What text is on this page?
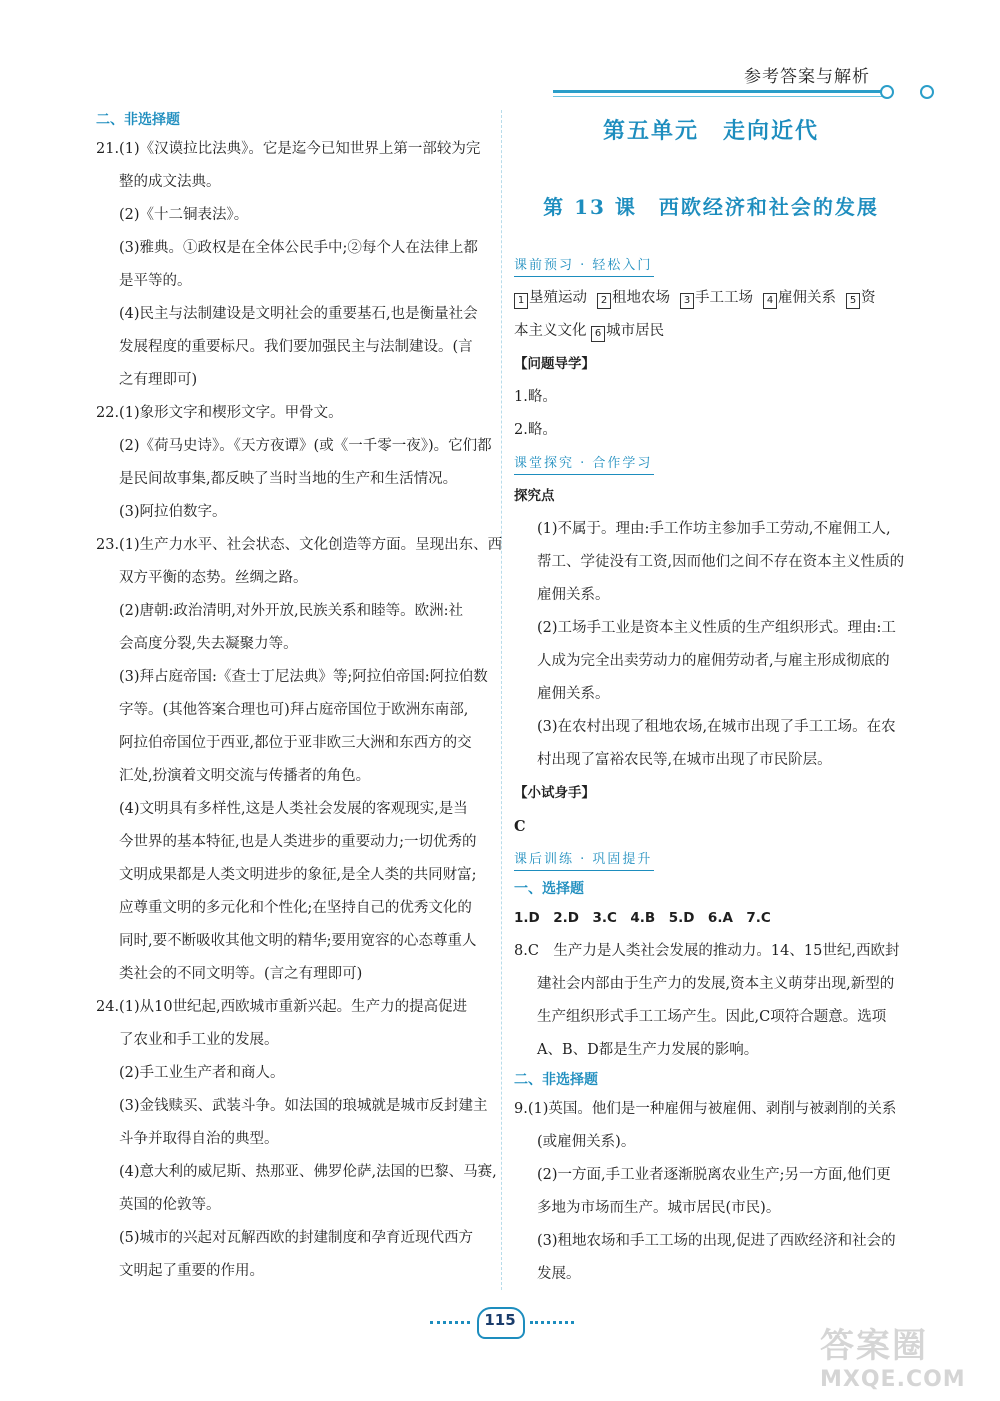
参考答案与解析
二、非选择题
21.(1)《汉谟拉比法典》。它是迄今已知世界上第一部较为完
整的成文法典。
(2)《十二铜表法》。
(3)雅典。①政权是在全体公民手中;②每个人在法律上都
是平等的。
(4)民主与法制建设是文明社会的重要基石,也是衡量社会
发展程度的重要标尺。我们要加强民主与法制建设。(言
之有理即可)
22.(1)象形文字和楔形文字。甲骨文。
(2)《荷马史诗》。《天方夜谭》(或《一千零一夜》)。它们都
是民间故事集,都反映了当时当地的生产和生活情况。
(3)阿拉伯数字。
23.(1)生产力水平、社会状态、文化创造等方面。呈现出东、西
双方平衡的态势。丝绸之路。
(2)唐朝:政治清明,对外开放,民族关系和睦等。欧洲:社
会高度分裂,失去凝聚力等。
(3)拜占庭帝国:《查士丁尼法典》等;阿拉伯帝国:阿拉伯数
字等。(其他答案合理也可)拜占庭帝国位于欧洲东南部,
阿拉伯帝国位于西亚,都位于亚非欧三大洲和东西方的交
汇处,扮演着文明交流与传播者的角色。
(4)文明具有多样性,这是人类社会发展的客观现实,是当
今世界的基本特征,也是人类进步的重要动力;一切优秀的
文明成果都是人类文明进步的象征,是全人类的共同财富;
应尊重文明的多元化和个性化;在坚持自己的优秀文化的
同时,要不断吸收其他文明的精华;要用宽容的心态尊重人
类社会的不同文明等。(言之有理即可)
24.(1)从10世纪起,西欧城市重新兴起。生产力的提高促进
了农业和手工业的发展。
(2)手工业生产者和商人。
(3)金钱赎买、武装斗争。如法国的琅城就是城市反封建主
斗争并取得自治的典型。
(4)意大利的威尼斯、热那亚、佛罗伦萨,法国的巴黎、马赛,
英国的伦敦等。
(5)城市的兴起对瓦解西欧的封建制度和孕育近现代西方
文明起了重要的作用。
第五单元　走向近代
第 13 课　西欧经济和社会的发展
课前预习 · 轻松入门
1 垦殖运动 2 租地农场 3 手工工场 4 雇佣关系 5 资
本主义文化 6 城市居民
【问题导学】
1.略。
2.略。
课堂探究 · 合作学习
探究点
(1)不属于。理由:手工作坊主参加手工劳动,不雇佣工人,
帮工、学徒没有工资,因而他们之间不存在资本主义性质的
雇佣关系。
(2)工场手工业是资本主义性质的生产组织形式。理由:工
人成为完全出卖劳动力的雇佣劳动者,与雇主形成彻底的
雇佣关系。
(3)在农村出现了租地农场,在城市出现了手工工场。在农
村出现了富裕农民等,在城市出现了市民阶层。
【小试身手】
C
课后训练 · 巩固提升
一、选择题
1.D　2.D　3.C　4.B　5.D　6.A　7.C
8.C　生产力是人类社会发展的推动力。14、15世纪,西欧封
建社会内部由于生产力的发展,资本主义萌芽出现,新型的
生产组织形式手工工场产生。因此,C项符合题意。选项
A、B、D都是生产力发展的影响。
二、非选择题
9.(1)英国。他们是一种雇佣与被雇佣、剥削与被剥削的关系
(或雇佣关系)。
(2)一方面,手工业者逐渐脱离农业生产;另一方面,他们更
多地为市场而生产。城市居民(市民)。
(3)租地农场和手工工场的出现,促进了西欧经济和社会的
发展。
115
答案圈
MXQE.COM
